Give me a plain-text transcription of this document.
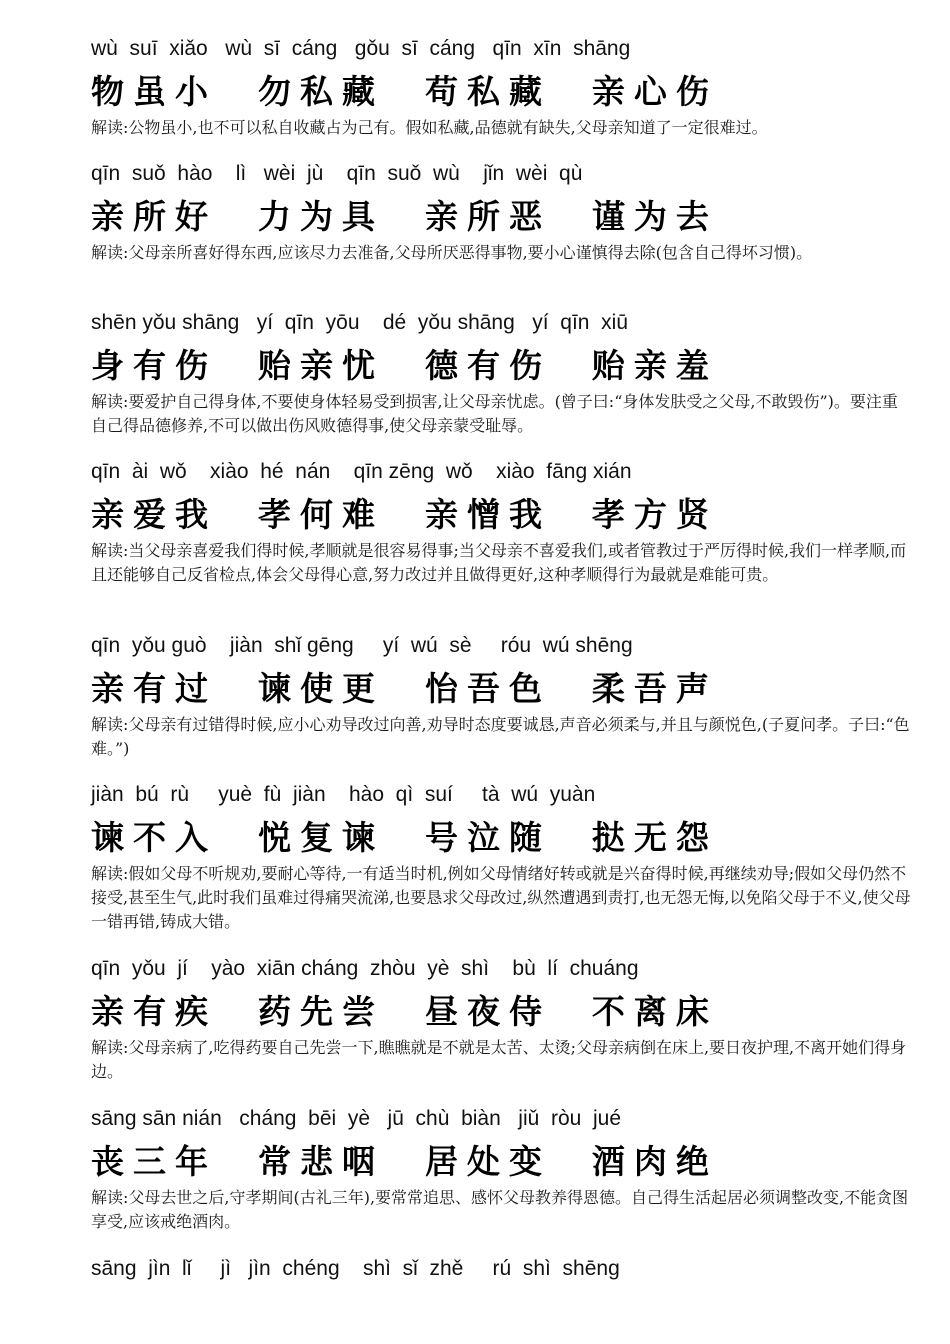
wù  suī  xiǎo   wù  sī  cáng   gǒu  sī  cáng   qīn  xīn  shāng

物虽小  勿私藏  苟私藏  亲心伤

解读:公物虽小,也不可以私自收藏占为己有。假如私藏,品德就有缺失,父母亲知道了一定很难过。

qīn  suǒ  hào    lì   wèi  jù    qīn  suǒ  wù    jǐn  wèi  qù

亲所好  力为具  亲所恶  谨为去

解读:父母亲所喜好得东西,应该尽力去准备,父母所厌恶得事物,要小心谨慎得去除(包含自己得坏习惯)。

shēn yǒu shāng   yí  qīn  yōu    dé  yǒu shāng   yí  qīn  xiū

身有伤  贻亲忧  德有伤  贻亲羞

解读:要爱护自己得身体,不要使身体轻易受到损害,让父母亲忧虑。(曾子曰:“身体发肤受之父母,不敢毁伤”)。要注重自己得品德修养,不可以做出伤风败德得事,使父母亲蒙受耻辱。

qīn  ài  wǒ    xiào  hé  nán    qīn zēng  wǒ    xiào  fāng xián

亲爱我  孝何难  亲憎我  孝方贤

解读:当父母亲喜爱我们得时候,孝顺就是很容易得事;当父母亲不喜爱我们,或者管教过于严厉得时候,我们一样孝顺,而且还能够自己反省检点,体会父母得心意,努力改过并且做得更好,这种孝顺得行为最就是难能可贵。

qīn  yǒu guò    jiàn  shǐ gēng     yí  wú  sè     róu  wú shēng

亲有过  谏使更  怡吾色  柔吾声

解读:父母亲有过错得时候,应小心劝导改过向善,劝导时态度要诚恳,声音必须柔与,并且与颜悦色,(子夏问孝。子曰:“色难。”)

jiàn  bú  rù     yuè  fù  jiàn    hào  qì  suí     tà  wú  yuàn

谏不入  悦复谏  号泣随  挞无怨

解读:假如父母不听规劝,要耐心等待,一有适当时机,例如父母情绪好转或就是兴奋得时候,再继续劝导;假如父母仍然不接受,甚至生气,此时我们虽难过得痛哭流涕,也要恳求父母改过,纵然遭遇到责打,也无怨无悔,以免陷父母于不义,使父母一错再错,铸成大错。

qīn  yǒu  jí    yào  xiān cháng  zhòu  yè  shì    bù  lí  chuáng

亲有疾  药先尝  昼夜侍  不离床

解读:父母亲病了,吃得药要自己先尝一下,瞧瞧就是不就是太苦、太烫;父母亲病倒在床上,要日夜护理,不离开她们得身边。

sāng sān nián   cháng  bēi  yè   jū  chù  biàn   jiǔ  ròu  jué

丧三年  常悲咽  居处变  酒肉绝

解读:父母去世之后,守孝期间(古礼三年),要常常追思、感怀父母教养得恩德。自己得生活起居必须调整改变,不能贪图享受,应该戒绝酒肉。

sāng  jìn  lǐ     jì   jìn  chéng    shì  sǐ  zhě     rú  shì  shēng
